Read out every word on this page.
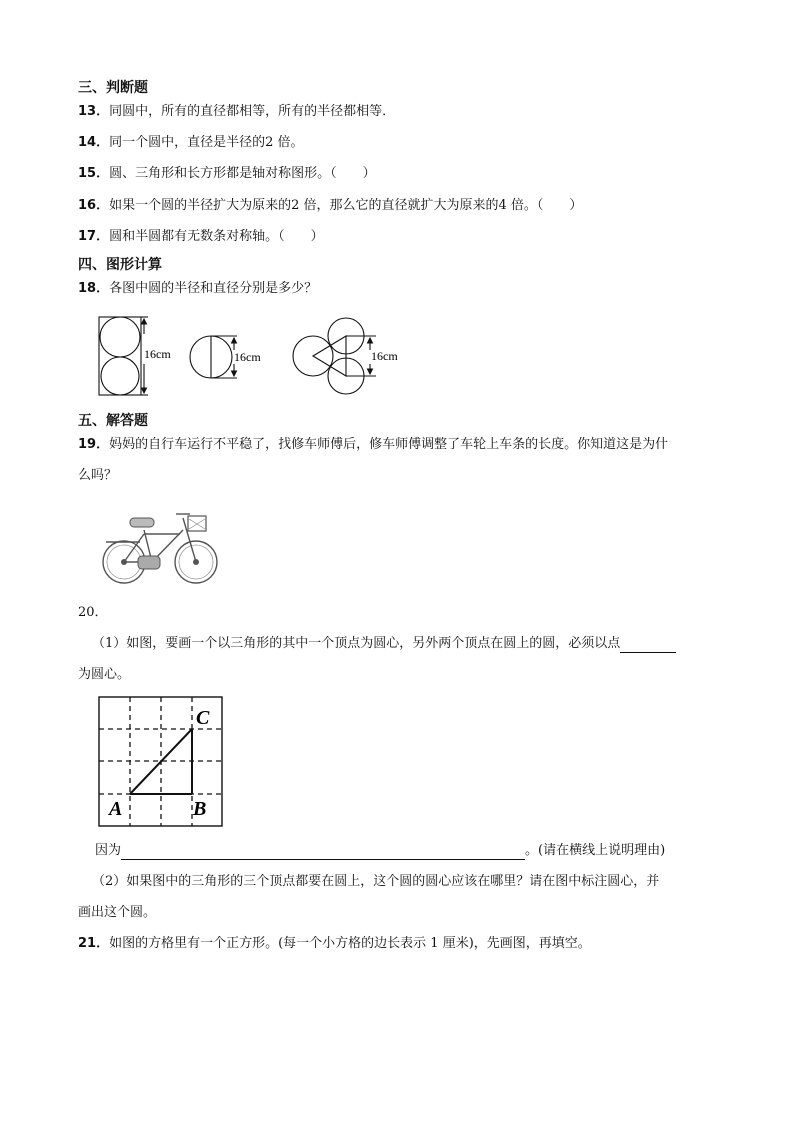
三、判断题
13．同圆中，所有的直径都相等，所有的半径都相等．
14．同一个圆中，直径是半径的2 倍。
15．圆、三角形和长方形都是轴对称图形。（　　）
16．如果一个圆的半径扩大为原来的2 倍，那么它的直径就扩大为原来的4 倍。（　　）
17．圆和半圆都有无数条对称轴。（　　）
四、图形计算
18．各图中圆的半径和直径分别是多少？
16cm	16cm	16cm
五、解答题
19．妈妈的自行车运行不平稳了，找修车师傅后，修车师傅调整了车轮上车条的长度。你知道这是为什
么吗？
20．
（1）如图，要画一个以三角形的其中一个顶点为圆心，另外两个顶点在圆上的圆，必须以点
为圆心。
A	B
C
因为	。(请在横线上说明理由)
（2）如果图中的三角形的三个顶点都要在圆上，这个圆的圆心应该在哪里？请在图中标注圆心，并
画出这个圆。
21．如图的方格里有一个正方形。(每一个小方格的边长表示 1 厘米)，先画图，再填空。
